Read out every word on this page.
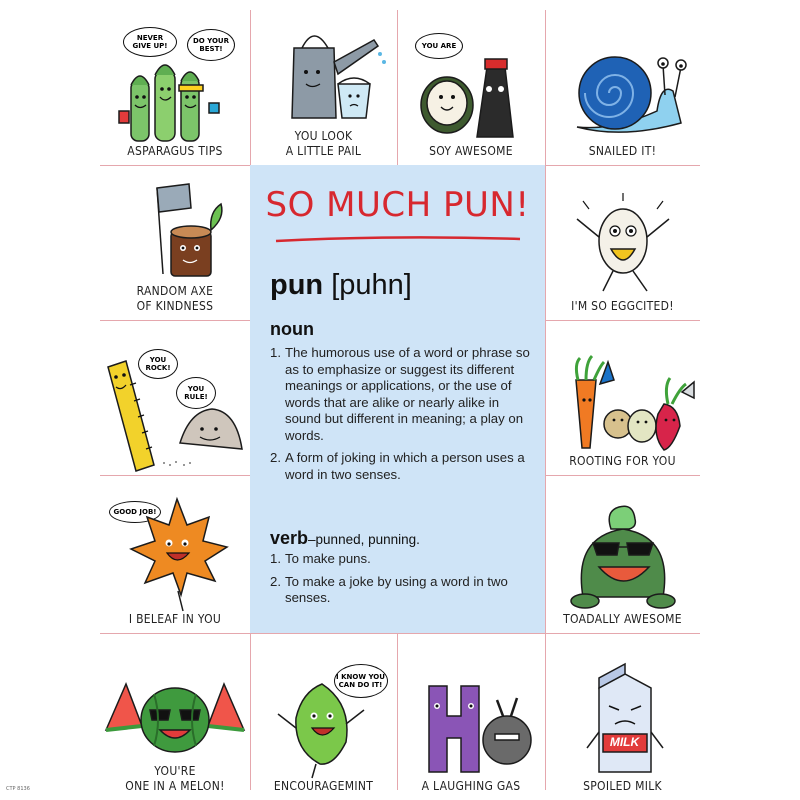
NEVER
GIVE UP!
DO YOUR
BEST!
ASPARAGUS TIPS
YOU LOOK
A LITTLE PAIL
YOU ARE
SOY AWESOME	SNAILED IT!
RANDOM AXE
OF KINDNESS	I'M SO EGGCITED!
YOU
ROCK!
YOU
RULE!
ROOTING FOR YOU
GOOD JOB!
I BELEAF IN YOU	TOADALLY AWESOME
YOU'RE
ONE IN A MELON!
I KNOW YOU
CAN DO IT!
ENCOURAGEMINT	A LAUGHING GAS
MILK
SPOILED MILK
SO MUCH PUN!
pun [puhn]
noun
1. The humorous use of a word or phrase so as to emphasize or suggest its different meanings or applications, or the use of words that are alike or nearly alike in sound but different in meaning; a play on words.
2. A form of joking in which a person uses a word in two senses.
verb–punned, punning.
1. To make puns.
2. To make a joke by using a word in two senses.
CTP 8136
